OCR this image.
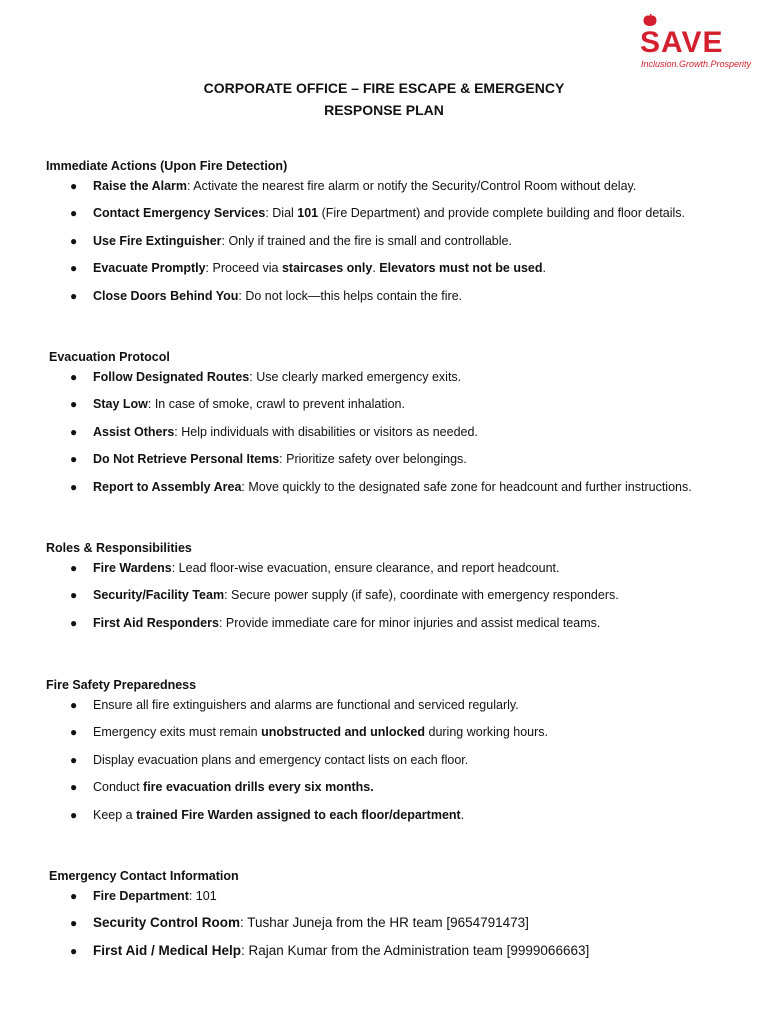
SAVE
Inclusion.Growth.Prosperity
CORPORATE OFFICE – FIRE ESCAPE & EMERGENCY
RESPONSE PLAN
Immediate Actions (Upon Fire Detection)
● Raise the Alarm: Activate the nearest fire alarm or notify the Security/Control Room without delay.
● Contact Emergency Services: Dial 101 (Fire Department) and provide complete building and floor details.
● Use Fire Extinguisher: Only if trained and the fire is small and controllable.
● Evacuate Promptly: Proceed via staircases only. Elevators must not be used.
● Close Doors Behind You: Do not lock—this helps contain the fire.
Evacuation Protocol
● Follow Designated Routes: Use clearly marked emergency exits.
● Stay Low: In case of smoke, crawl to prevent inhalation.
● Assist Others: Help individuals with disabilities or visitors as needed.
● Do Not Retrieve Personal Items: Prioritize safety over belongings.
● Report to Assembly Area: Move quickly to the designated safe zone for headcount and further instructions.
Roles & Responsibilities
● Fire Wardens: Lead floor-wise evacuation, ensure clearance, and report headcount.
● Security/Facility Team: Secure power supply (if safe), coordinate with emergency responders.
● First Aid Responders: Provide immediate care for minor injuries and assist medical teams.
Fire Safety Preparedness
● Ensure all fire extinguishers and alarms are functional and serviced regularly.
● Emergency exits must remain unobstructed and unlocked during working hours.
● Display evacuation plans and emergency contact lists on each floor.
● Conduct fire evacuation drills every six months.
● Keep a trained Fire Warden assigned to each floor/department.
Emergency Contact Information
● Fire Department: 101
● Security Control Room: Tushar Juneja from the HR team [9654791473]
● First Aid / Medical Help: Rajan Kumar from the Administration team [9999066663]
